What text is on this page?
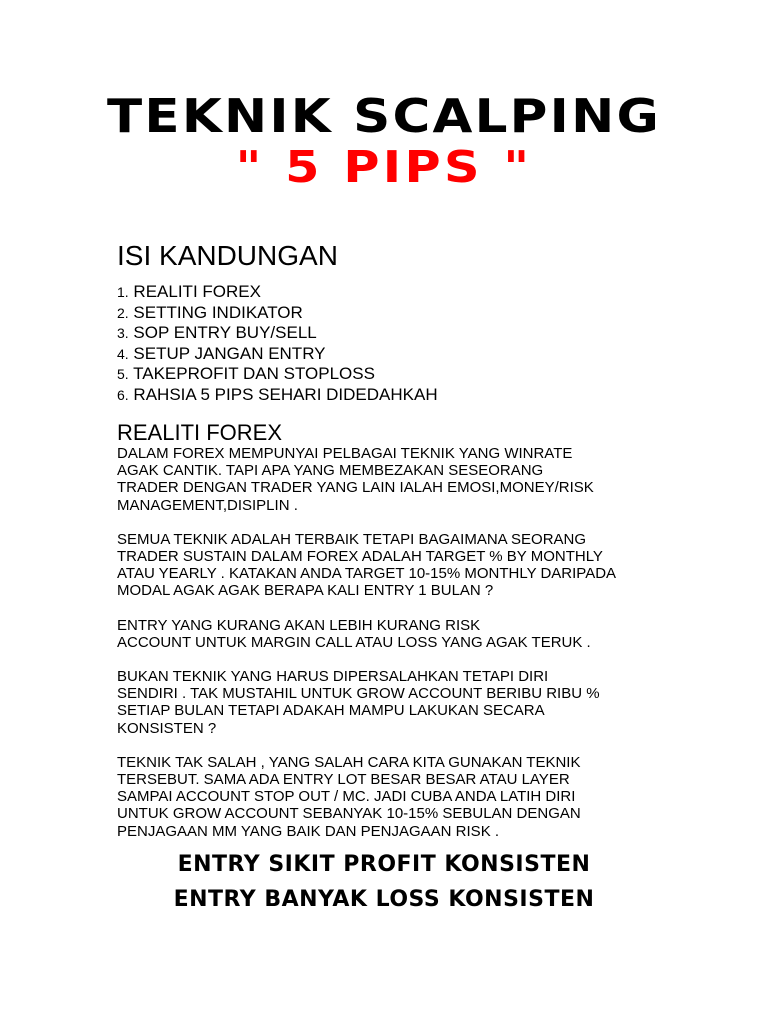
TEKNIK SCALPING
" 5 PIPS "
ISI KANDUNGAN
1. REALITI FOREX
2. SETTING INDIKATOR
3. SOP ENTRY BUY/SELL
4. SETUP JANGAN ENTRY
5. TAKEPROFIT DAN STOPLOSS
6. RAHSIA 5 PIPS SEHARI DIDEDAHKAH
REALITI FOREX

DALAM FOREX MEMPUNYAI PELBAGAI TEKNIK YANG WINRATE
AGAK CANTIK. TAPI APA YANG MEMBEZAKAN SESEORANG
TRADER DENGAN TRADER YANG LAIN IALAH EMOSI,MONEY/RISK
MANAGEMENT,DISIPLIN .

SEMUA TEKNIK ADALAH TERBAIK TETAPI BAGAIMANA SEORANG
TRADER SUSTAIN DALAM FOREX ADALAH TARGET % BY MONTHLY
ATAU YEARLY . KATAKAN ANDA TARGET 10-15% MONTHLY DARIPADA
MODAL AGAK AGAK BERAPA KALI ENTRY 1 BULAN ?

ENTRY YANG KURANG AKAN LEBIH KURANG RISK
ACCOUNT UNTUK MARGIN CALL ATAU LOSS YANG AGAK TERUK .

BUKAN TEKNIK YANG HARUS DIPERSALAHKAN TETAPI DIRI
SENDIRI . TAK MUSTAHIL UNTUK GROW ACCOUNT BERIBU RIBU %
SETIAP BULAN TETAPI ADAKAH MAMPU LAKUKAN SECARA
KONSISTEN ?

TEKNIK TAK SALAH , YANG SALAH CARA KITA GUNAKAN TEKNIK
TERSEBUT. SAMA ADA ENTRY LOT BESAR BESAR ATAU LAYER
SAMPAI ACCOUNT STOP OUT / MC. JADI CUBA ANDA LATIH DIRI
UNTUK GROW ACCOUNT SEBANYAK 10-15% SEBULAN DENGAN
PENJAGAAN MM YANG BAIK DAN PENJAGAAN RISK .

ENTRY SIKIT PROFIT KONSISTEN
ENTRY BANYAK LOSS KONSISTEN
